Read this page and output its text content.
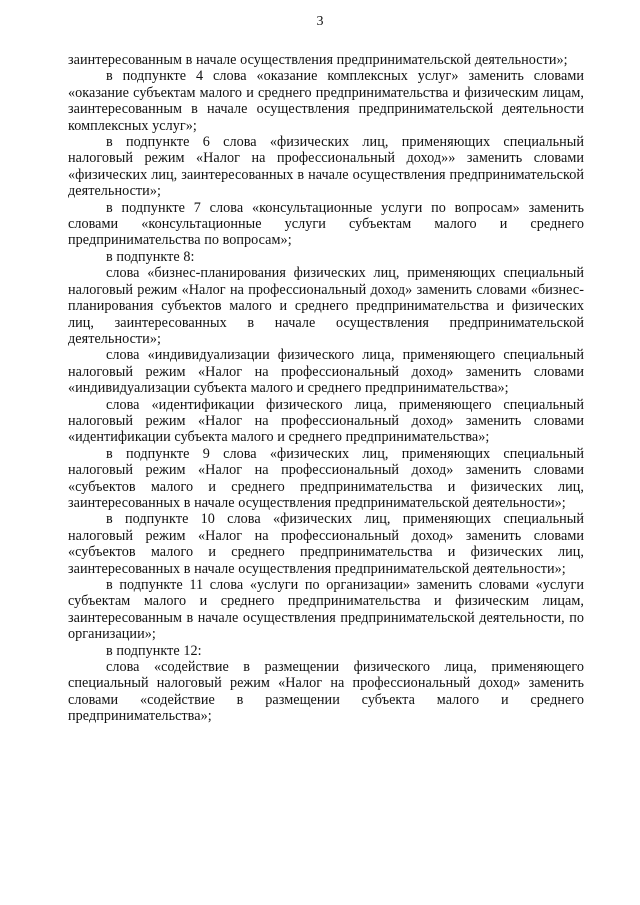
3

заинтересованным в начале осуществления предпринимательской деятельности»;

в подпункте 4 слова «оказание комплексных услуг» заменить словами «оказание субъектам малого и среднего предпринимательства и физическим лицам, заинтересованным в начале осуществления предпринимательской деятельности комплексных услуг»;

в подпункте 6 слова «физических лиц, применяющих специальный налоговый режим «Налог на профессиональный доход»» заменить словами «физических лиц, заинтересованных в начале осуществления предпринимательской деятельности»;

в подпункте 7 слова «консультационные услуги по вопросам» заменить словами «консультационные услуги субъектам малого и среднего предпринимательства по вопросам»;

в подпункте 8:

слова «бизнес-планирования физических лиц, применяющих специальный налоговый режим «Налог на профессиональный доход» заменить словами «бизнес-планирования субъектов малого и среднего предпринимательства и физических лиц, заинтересованных в начале осуществления предпринимательской деятельности»;

слова «индивидуализации физического лица, применяющего специальный налоговый режим «Налог на профессиональный доход» заменить словами «индивидуализации субъекта малого и среднего предпринимательства»;

слова «идентификации физического лица, применяющего специальный налоговый режим «Налог на профессиональный доход» заменить словами «идентификации субъекта малого и среднего предпринимательства»;

в подпункте 9 слова «физических лиц, применяющих специальный налоговый режим «Налог на профессиональный доход» заменить словами «субъектов малого и среднего предпринимательства и физических лиц, заинтересованных в начале осуществления предпринимательской деятельности»;

в подпункте 10 слова «физических лиц, применяющих специальный налоговый режим «Налог на профессиональный доход» заменить словами «субъектов малого и среднего предпринимательства и физических лиц, заинтересованных в начале осуществления предпринимательской деятельности»;

в подпункте 11 слова «услуги по организации» заменить словами «услуги субъектам малого и среднего предпринимательства и физическим лицам, заинтересованным в начале осуществления предпринимательской деятельности, по организации»;

в подпункте 12:

слова «содействие в размещении физического лица, применяющего специальный налоговый режим «Налог на профессиональный доход» заменить словами «содействие в размещении субъекта малого и среднего предпринимательства»;
